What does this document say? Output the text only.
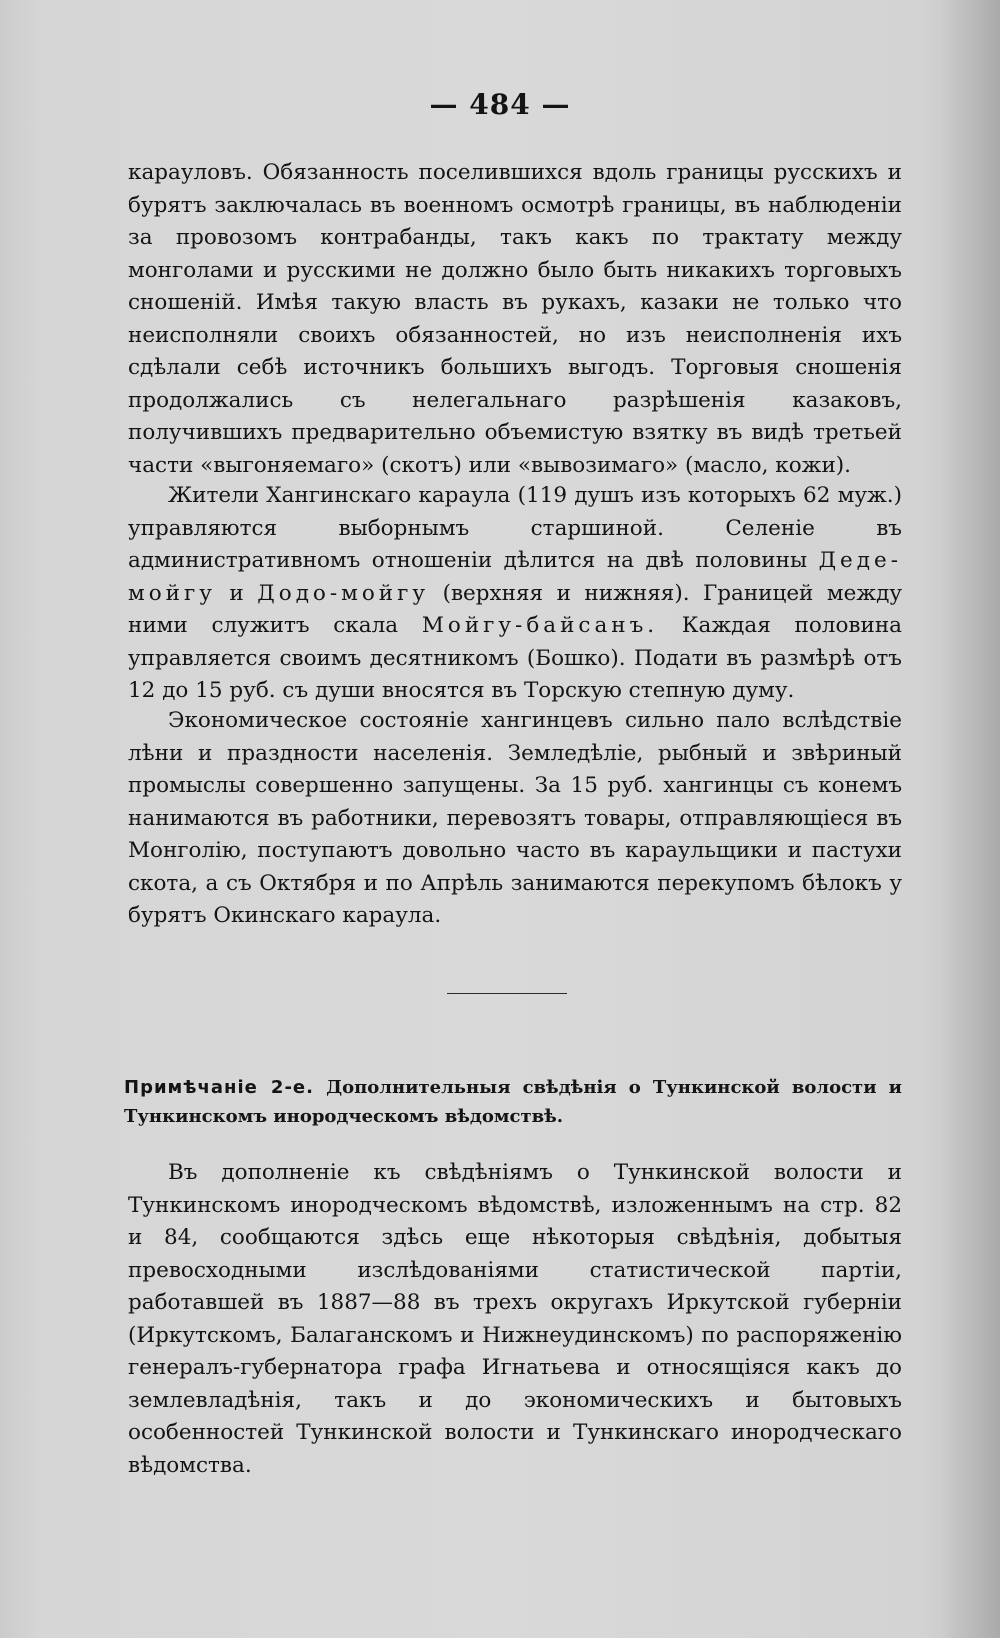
— 484 —

карауловъ. Обязанность поселившихся вдоль границы русскихъ и бурятъ заключалась въ военномъ осмотрѣ границы, въ наблюденіи за провозомъ контрабанды, такъ какъ по трактату между монголами и русскими не должно было быть никакихъ торговыхъ сношеній. Имѣя такую власть въ рукахъ, казаки не только что неисполняли своихъ обязанностей, но изъ неисполненія ихъ сдѣлали себѣ источникъ большихъ выгодъ. Торговыя сношенія продолжались съ нелегальнаго разрѣшенія казаковъ, получившихъ предварительно объемистую взятку въ видѣ третьей части «выгоняемаго» (скотъ) или «вывозимаго» (масло, кожи).

Жители Хангинскаго караула (119 душъ изъ которыхъ 62 муж.) управляются выборнымъ старшиной. Селеніе въ административномъ отношеніи дѣлится на двѣ половины Деде-мойгу и Додо-мойгу (верхняя и нижняя). Границей между ними служитъ скала Мойгу-байсанъ. Каждая половина управляется своимъ десятникомъ (Бошко). Подати въ размѣрѣ отъ 12 до 15 руб. съ души вносятся въ Торскую степную думу.

Экономическое состояніе хангинцевъ сильно пало вслѣдствіе лѣни и праздности населенія. Земледѣліе, рыбный и звѣриный промыслы совершенно запущены. За 15 руб. хангинцы съ конемъ нанимаются въ работники, перевозятъ товары, отправляющіеся въ Монголію, поступаютъ довольно часто въ караульщики и пастухи скота, а съ Октября и по Апрѣль занимаются перекупомъ бѣлокъ у бурятъ Окинскаго караула.

Примѣчаніе 2-е. Дополнительныя свѣдѣнія о Тункинской волости и Тункинскомъ инородческомъ вѣдомствѣ.

Въ дополненіе къ свѣдѣніямъ о Тункинской волости и Тункинскомъ инородческомъ вѣдомствѣ, изложеннымъ на стр. 82 и 84, сообщаются здѣсь еще нѣкоторыя свѣдѣнія, добытыя превосходными изслѣдованіями статистической партіи, работавшей въ 1887—88 въ трехъ округахъ Иркутской губерніи (Иркутскомъ, Балаганскомъ и Нижнеудинскомъ) по распоряженію генералъ-губернатора графа Игнатьева и относящіяся какъ до землевладѣнія, такъ и до экономическихъ и бытовыхъ особенностей Тункинской волости и Тункинскаго инородческаго вѣдомства.
